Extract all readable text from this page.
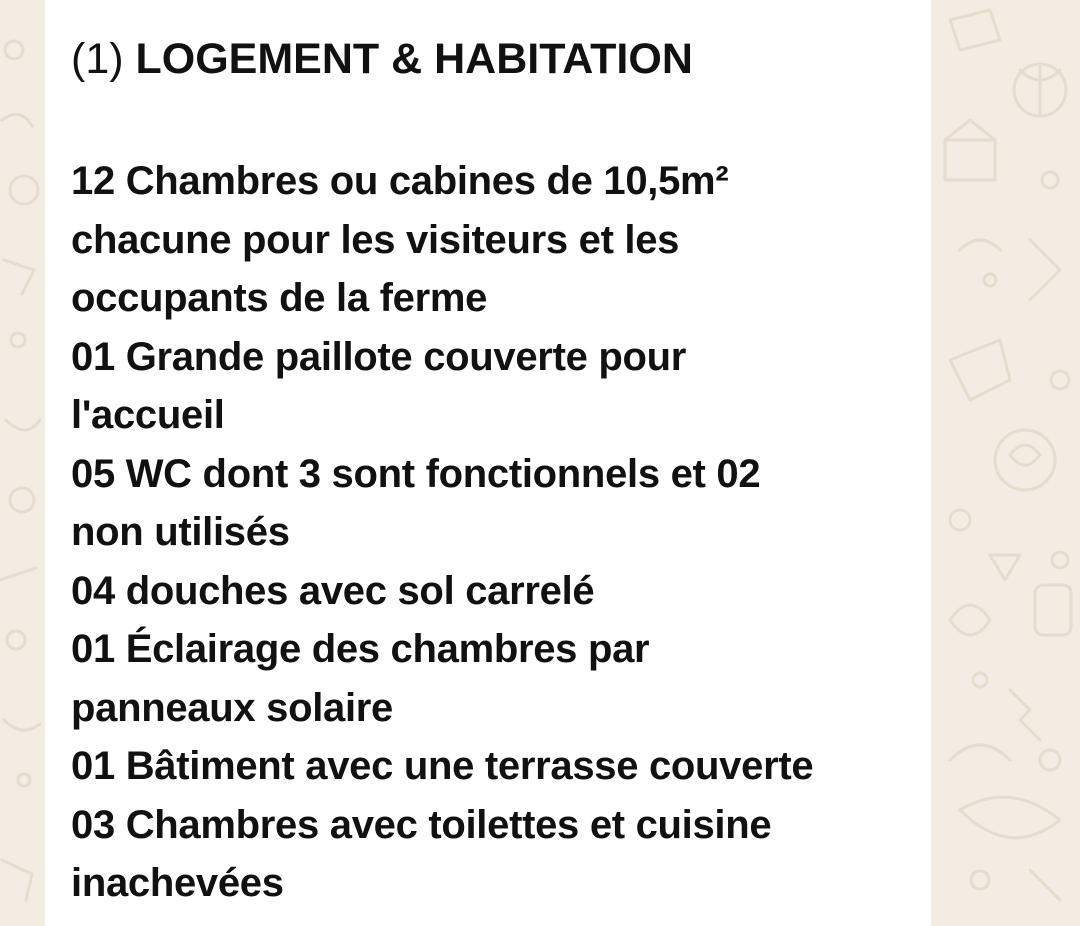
(1) LOGEMENT & HABITATION
12 Chambres ou cabines de 10,5m²
chacune pour les visiteurs et les
occupants de la ferme
01 Grande paillote couverte pour
l'accueil
05 WC dont 3 sont fonctionnels et 02
non utilisés
04 douches avec sol carrelé
01 Éclairage des chambres par
panneaux solaire
01 Bâtiment avec une terrasse couverte
03 Chambres avec toilettes et cuisine
inachevées
